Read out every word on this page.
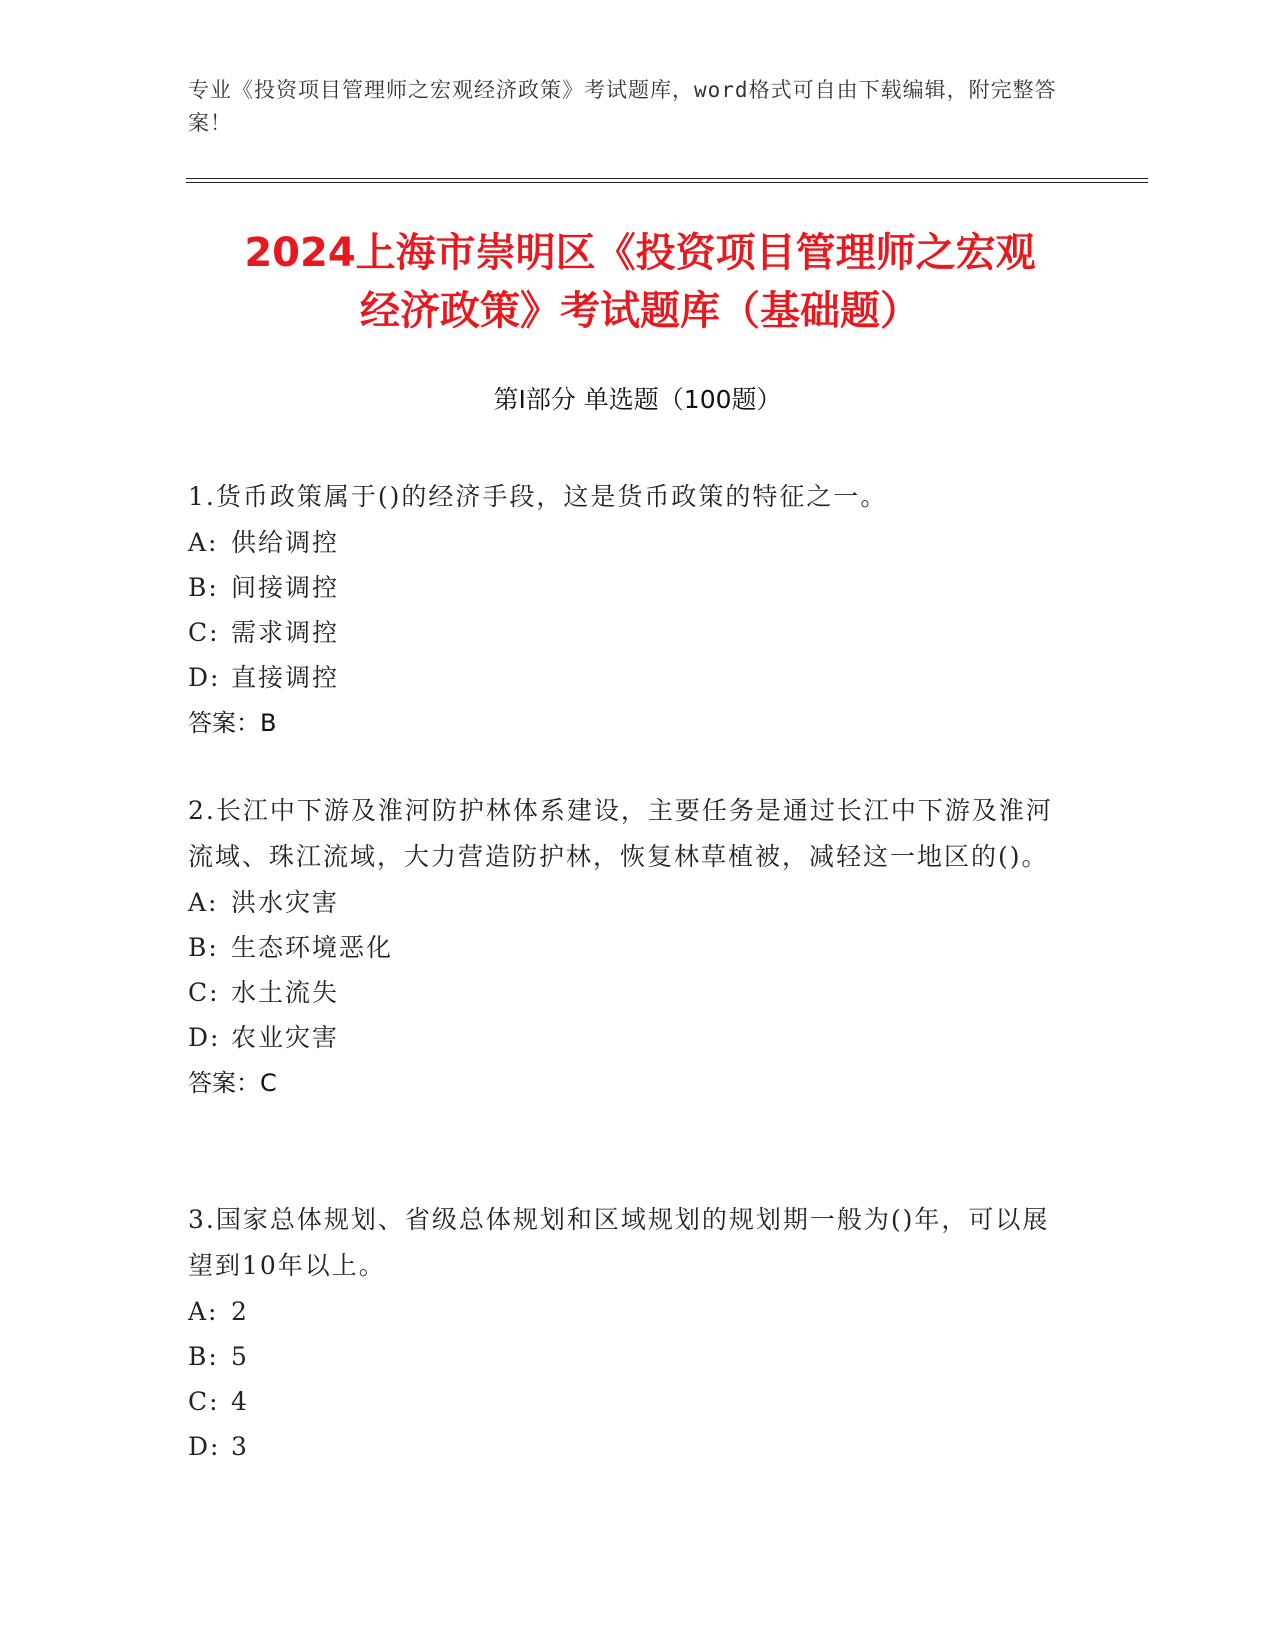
专业《投资项目管理师之宏观经济政策》考试题库，word格式可自由下载编辑，附完整答案！
2024上海市崇明区《投资项目管理师之宏观
经济政策》考试题库（基础题）
第I部分 单选题（100题）

1.货币政策属于()的经济手段，这是货币政策的特征之一。

A: 供给调控

B: 间接调控

C: 需求调控

D: 直接调控

答案：B

2.长江中下游及淮河防护林体系建设，主要任务是通过长江中下游及淮河流域、珠江流域，大力营造防护林，恢复林草植被，减轻这一地区的()。

A: 洪水灾害

B: 生态环境恶化

C: 水土流失

D: 农业灾害

答案：C

3.国家总体规划、省级总体规划和区域规划的规划期一般为()年，可以展望到10年以上。

A: 2

B: 5

C: 4

D: 3
